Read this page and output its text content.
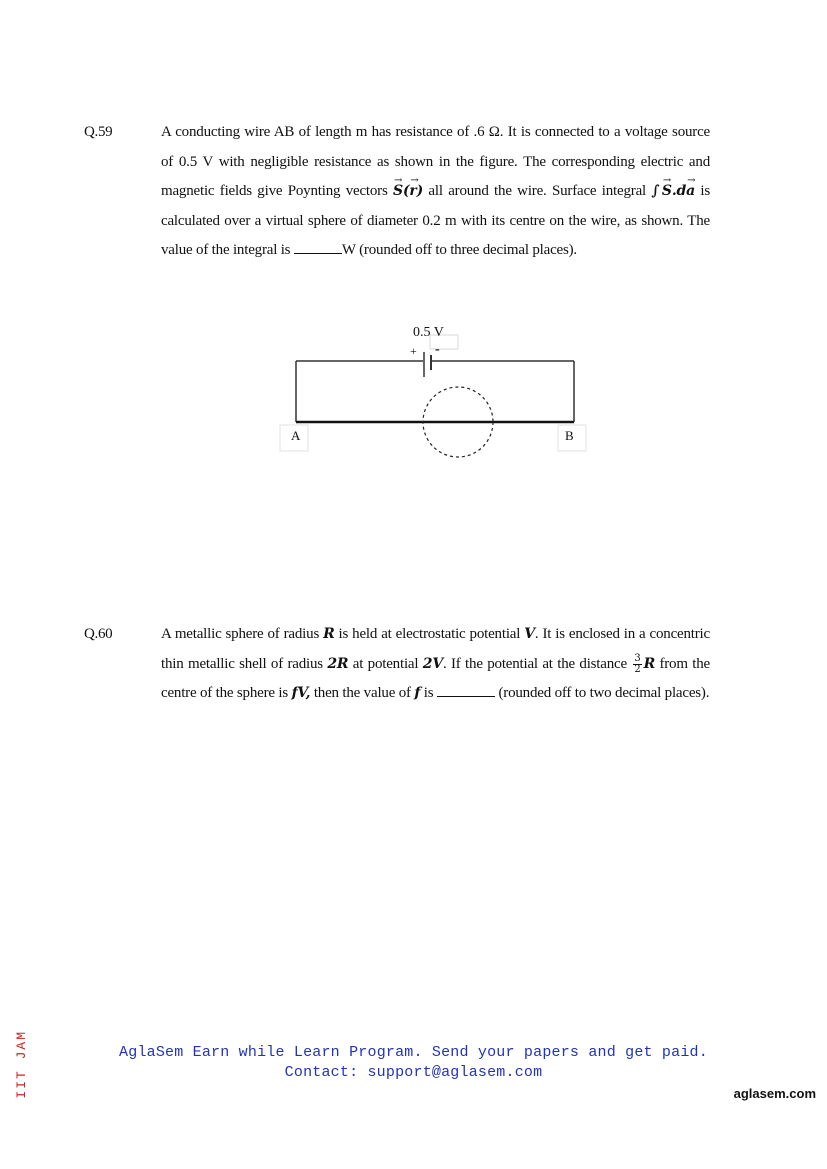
Q.59	A conducting wire AB of length m has resistance of .6 Ω. It is connected to a voltage source of 0.5 V with negligible resistance as shown in the figure. The corresponding electric and magnetic fields give Poynting vectors → S(→ r) all around the wire. Surface integral ∫ → S.d→ a is calculated over a virtual sphere of diameter 0.2 m with its centre on the wire, as shown. The value of the integral is	W (rounded off to three decimal places).

0.5 V
+ -
A	B
Q.60	A metallic sphere of radius R is held at electrostatic potential V. It is enclosed in a concentric thin metallic shell of radius 2R at potential 2V. If the potential at the distance $\frac{3}{2}$ R from the centre of the sphere is fV, then the value of f is	(rounded off to two decimal places).

IIT JAM	AglaSem Earn while Learn Program. Send your papers and get paid.
Contact: support@aglasem.com
aglasem.com
